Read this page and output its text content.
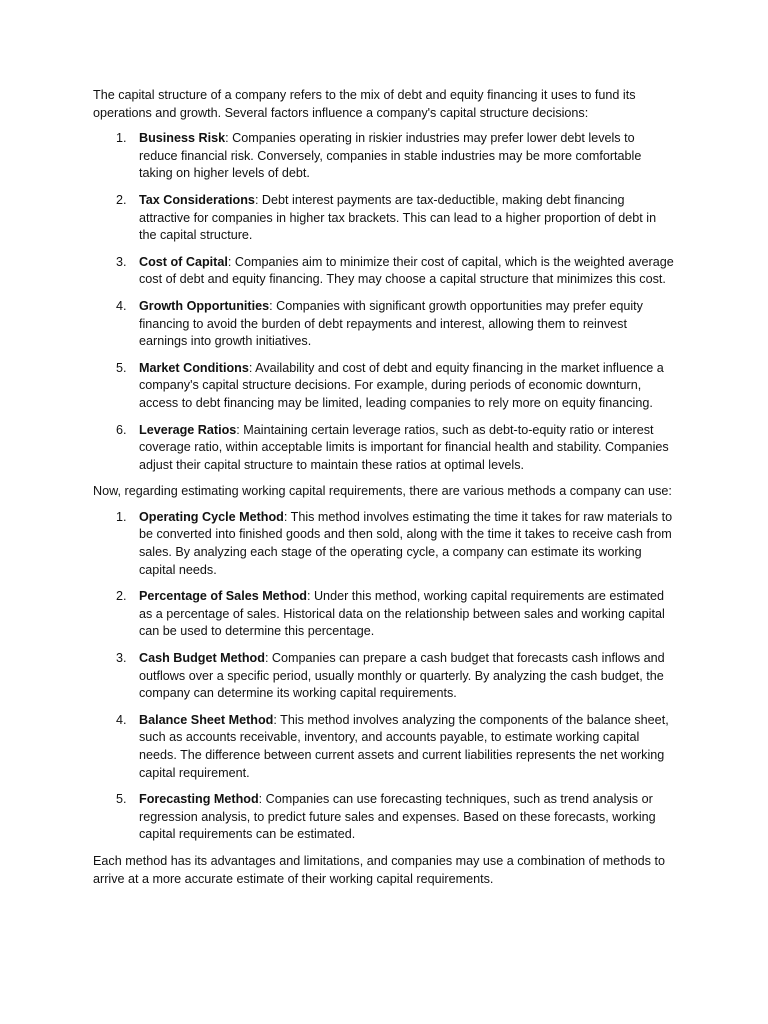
The capital structure of a company refers to the mix of debt and equity financing it uses to fund its operations and growth. Several factors influence a company's capital structure decisions:

1. Business Risk: Companies operating in riskier industries may prefer lower debt levels to reduce financial risk. Conversely, companies in stable industries may be more comfortable taking on higher levels of debt.
2. Tax Considerations: Debt interest payments are tax-deductible, making debt financing attractive for companies in higher tax brackets. This can lead to a higher proportion of debt in the capital structure.
3. Cost of Capital: Companies aim to minimize their cost of capital, which is the weighted average cost of debt and equity financing. They may choose a capital structure that minimizes this cost.
4. Growth Opportunities: Companies with significant growth opportunities may prefer equity financing to avoid the burden of debt repayments and interest, allowing them to reinvest earnings into growth initiatives.
5. Market Conditions: Availability and cost of debt and equity financing in the market influence a company's capital structure decisions. For example, during periods of economic downturn, access to debt financing may be limited, leading companies to rely more on equity financing.
6. Leverage Ratios: Maintaining certain leverage ratios, such as debt-to-equity ratio or interest coverage ratio, within acceptable limits is important for financial health and stability. Companies adjust their capital structure to maintain these ratios at optimal levels.

Now, regarding estimating working capital requirements, there are various methods a company can use:

1. Operating Cycle Method: This method involves estimating the time it takes for raw materials to be converted into finished goods and then sold, along with the time it takes to receive cash from sales. By analyzing each stage of the operating cycle, a company can estimate its working capital needs.
2. Percentage of Sales Method: Under this method, working capital requirements are estimated as a percentage of sales. Historical data on the relationship between sales and working capital can be used to determine this percentage.
3. Cash Budget Method: Companies can prepare a cash budget that forecasts cash inflows and outflows over a specific period, usually monthly or quarterly. By analyzing the cash budget, the company can determine its working capital requirements.
4. Balance Sheet Method: This method involves analyzing the components of the balance sheet, such as accounts receivable, inventory, and accounts payable, to estimate working capital needs. The difference between current assets and current liabilities represents the net working capital requirement.
5. Forecasting Method: Companies can use forecasting techniques, such as trend analysis or regression analysis, to predict future sales and expenses. Based on these forecasts, working capital requirements can be estimated.

Each method has its advantages and limitations, and companies may use a combination of methods to arrive at a more accurate estimate of their working capital requirements.
